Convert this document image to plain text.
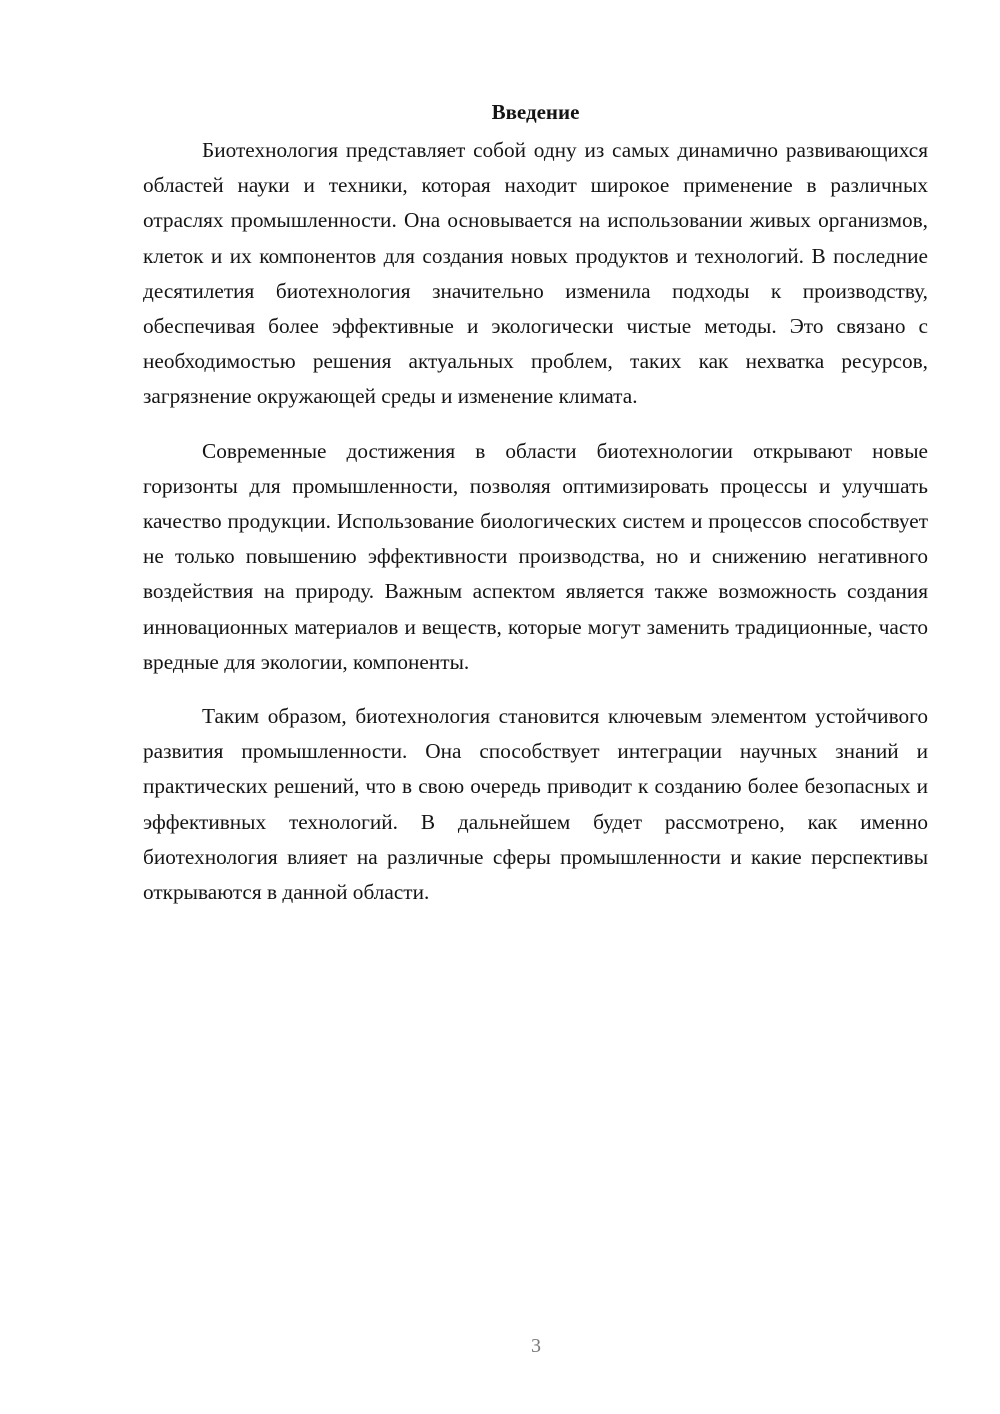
Введение

Биотехнология представляет собой одну из самых динамично развивающихся областей науки и техники, которая находит широкое применение в различных отраслях промышленности. Она основывается на использовании живых организмов, клеток и их компонентов для создания новых продуктов и технологий. В последние десятилетия биотехнология значительно изменила подходы к производству, обеспечивая более эффективные и экологически чистые методы. Это связано с необходимостью решения актуальных проблем, таких как нехватка ресурсов, загрязнение окружающей среды и изменение климата.

Современные достижения в области биотехнологии открывают новые горизонты для промышленности, позволяя оптимизировать процессы и улучшать качество продукции. Использование биологических систем и процессов способствует не только повышению эффективности производства, но и снижению негативного воздействия на природу. Важным аспектом является также возможность создания инновационных материалов и веществ, которые могут заменить традиционные, часто вредные для экологии, компоненты.

Таким образом, биотехнология становится ключевым элементом устойчивого развития промышленности. Она способствует интеграции научных знаний и практических решений, что в свою очередь приводит к созданию более безопасных и эффективных технологий. В дальнейшем будет рассмотрено, как именно биотехнология влияет на различные сферы промышленности и какие перспективы открываются в данной области.

3
